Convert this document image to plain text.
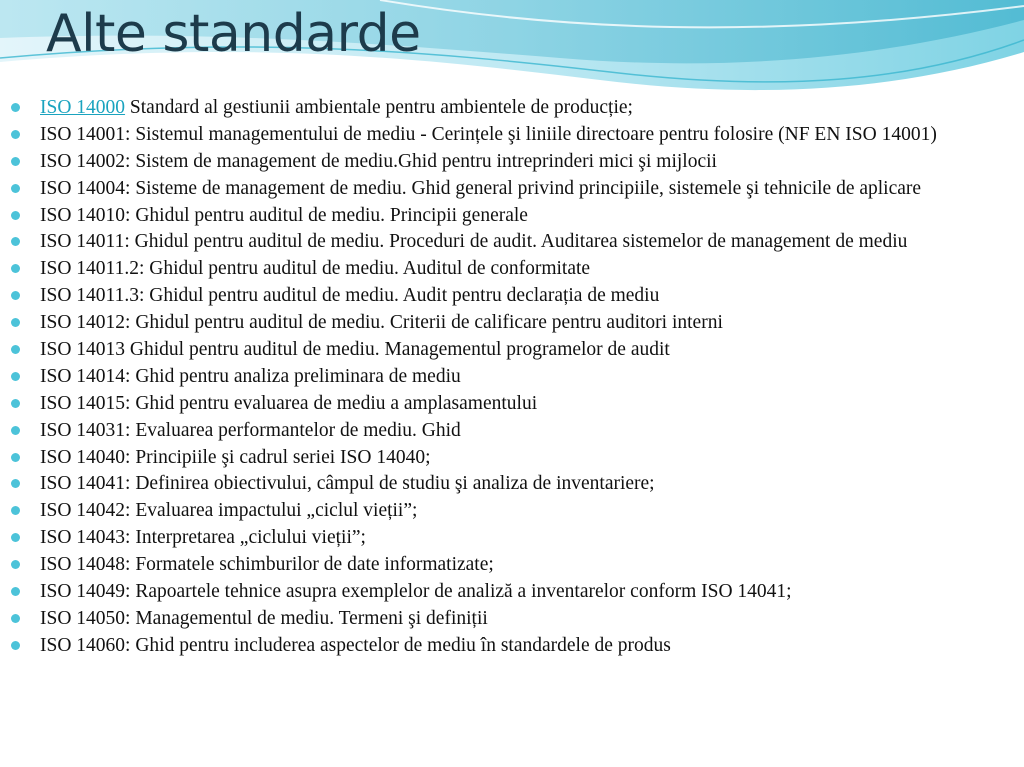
Alte standarde
ISO 14000 Standard al gestiunii ambientale pentru ambientele de producție;
ISO 14001: Sistemul managementului de mediu - Cerințele şi liniile directoare pentru folosire (NF EN ISO 14001)
ISO 14002: Sistem de management de mediu.Ghid pentru intreprinderi mici şi mijlocii
ISO 14004: Sisteme de management de mediu. Ghid general privind principiile, sistemele şi tehnicile de aplicare
ISO 14010: Ghidul pentru auditul de mediu. Principii generale
ISO 14011: Ghidul pentru auditul de mediu. Proceduri de audit. Auditarea sistemelor de management de mediu
ISO 14011.2: Ghidul pentru auditul de mediu. Auditul de conformitate
ISO 14011.3: Ghidul pentru auditul de mediu. Audit pentru declarația de mediu
ISO 14012: Ghidul pentru auditul de mediu. Criterii de calificare pentru auditori interni
ISO 14013 Ghidul pentru auditul de mediu. Managementul programelor de audit
ISO 14014: Ghid pentru analiza preliminara de mediu
ISO 14015: Ghid pentru evaluarea de mediu a amplasamentului
ISO 14031: Evaluarea performantelor de mediu. Ghid
ISO 14040: Principiile şi cadrul seriei ISO 14040;
ISO 14041: Definirea obiectivului, câmpul de studiu şi analiza de inventariere;
ISO 14042: Evaluarea impactului „ciclul vieții”;
ISO 14043: Interpretarea „ciclului vieții”;
ISO 14048: Formatele schimburilor de date informatizate;
ISO 14049: Rapoartele tehnice asupra exemplelor de analiză a inventarelor conform ISO 14041;
ISO 14050: Managementul de mediu. Termeni şi definiții
ISO 14060: Ghid pentru includerea aspectelor de mediu în standardele de produs
